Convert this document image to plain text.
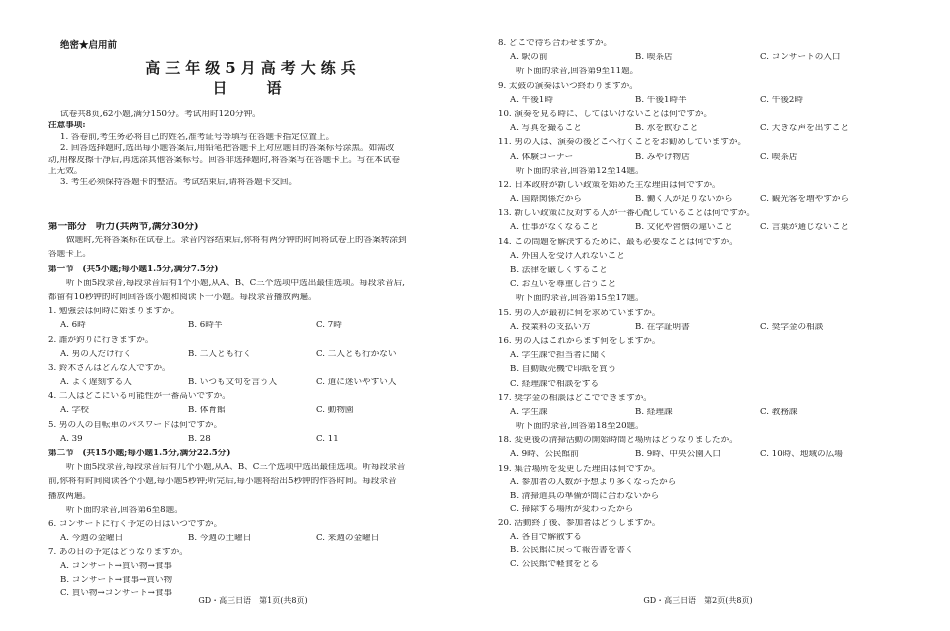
绝密★启用前
高三年级5月高考大练兵
日　语
试卷共8页,62小题,满分150分。考试用时120分钟。
注意事项:
1. 答卷前,考生务必将自己的姓名,准考证号等填写在答题卡指定位置上。
2. 回答选择题时,选出每小题答案后,用铅笔把答题卡上对应题目的答案标号涂黑。如需改
动,用橡皮擦干净后,再选涂其他答案标号。回答非选择题时,将答案写在答题卡上。写在本试卷
上无效。
3. 考生必须保持答题卡的整洁。考试结束后,请将答题卡交回。
第一部分　听力(共两节,满分30分)
做题时,先将答案标在试卷上。录音内容结束后,你将有两分钟的时间将试卷上的答案转涂到
答题卡上。
第一节　(共5小题;每小题1.5分,满分7.5分)
听下面5段录音,每段录音后有1个小题,从A、B、C三个选项中选出最佳选项。每段录音后,
都留有10秒钟的时间回答该小题和阅读下一小题。每段录音播放两遍。
1. 勉強会は何時に始まりますか。
A. 6時	B. 6時半	C. 7時
2. 誰が釣りに行きますか。
A. 男の人だけ行く	B. 二人とも行く	C. 二人とも行かない
3. 鈴木さんはどんな人ですか。
A. よく遅刻する人	B. いつも文句を言う人	C. 道に迷いやすい人
4. 二人はどこにいる可能性が一番高いですか。
A. 学校	B. 体育館	C. 動物園
5. 男の人の自転車のパスワードは何ですか。
A. 39	B. 28	C. 11
第二节　(共15小题;每小题1.5分,满分22.5分)
听下面5段录音,每段录音后有几个小题,从A、B、C三个选项中选出最佳选项。听每段录音
前,你将有时间阅读各个小题,每小题5秒钟;听完后,每小题将给出5秒钟的作答时间。每段录音
播放两遍。
听下面的录音,回答第6至8题。
6. コンサートに行く予定の日はいつですか。
A. 今週の金曜日	B. 今週の土曜日	C. 来週の金曜日
7. あの日の予定はどうなりますか。
A. コンサート→買い物→食事
B. コンサート→食事→買い物
C. 買い物→コンサート→食事
GD・高三日语　第1页(共8页)
8. どこで待ち合わせますか。
A. 駅の前	B. 喫茶店	C. コンサートの入口
听下面的录音,回答第9至11题。
9. 太鼓の演奏はいつ終わりますか。
A. 午後1時	B. 午後1時半	C. 午後2時
10. 演奏を見る時に、してはいけないことは何ですか。
A. 写真を撮ること	B. 水を飲むこと	C. 大きな声を出すこと
11. 男の人は、演奏の後どこへ行くことをお勧めしていますか。
A. 体験コーナー	B. みやげ物店	C. 喫茶店
听下面的录音,回答第12至14题。
12. 日本政府が新しい政策を始めた主な理由は何ですか。
A. 国際関係だから	B. 働く人が足りないから	C. 観光客を増やすから
13. 新しい政策に反対する人が一番心配していることは何ですか。
A. 仕事がなくなること	B. 文化や習慣の違いこと	C. 言葉が通じないこと
14. この問題を解決するために、最も必要なことは何ですか。
A. 外国人を受け入れないこと
B. 法律を厳しくすること
C. お互いを尊重し合うこと
听下面的录音,回答第15至17题。
15. 男の人が最初に何を求めていますか。
A. 授業料の支払い方	B. 在学証明書	C. 奨学金の相談
16. 男の人はこれからまず何をしますか。
A. 学生課で担当者に聞く
B. 自動販売機で印紙を買う
C. 経理課で相談をする
17. 奨学金の相談はどこでできますか。
A. 学生課	B. 経理課	C. 教務課
听下面的录音,回答第18至20题。
18. 変更後の清掃活動の開始時間と場所はどうなりましたか。
A. 9時、公民館前	B. 9時、中央公園入口	C. 10時、地域の広場
19. 集合場所を変更した理由は何ですか。
A. 参加者の人数が予想より多くなったから
B. 清掃道具の準備が間に合わないから
C. 掃除する場所が変わったから
20. 活動終了後、参加者はどうしますか。
A. 各自で解散する
B. 公民館に戻って報告書を書く
C. 公民館で軽食をとる
GD・高三日语　第2页(共8页)
